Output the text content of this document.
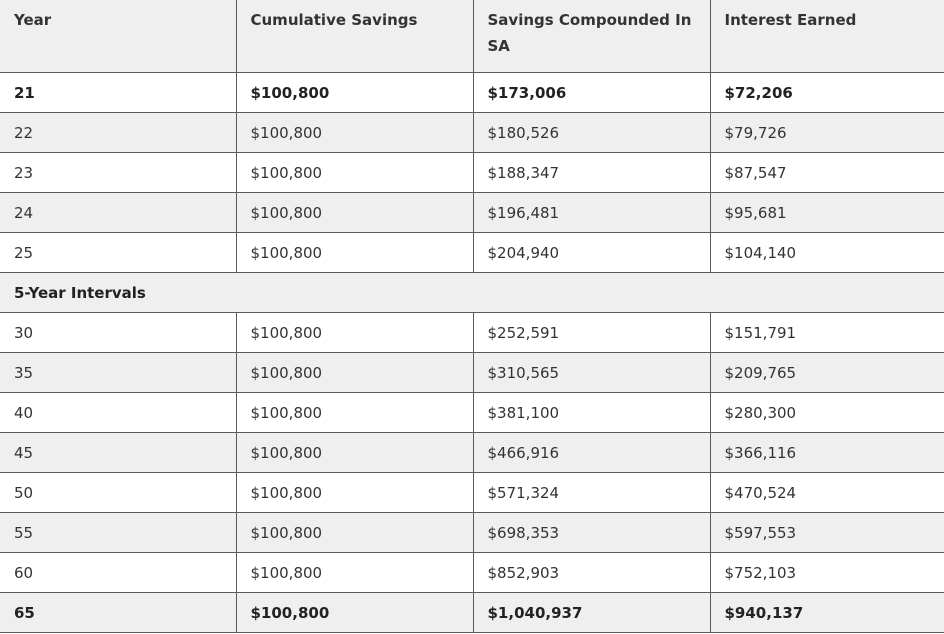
Year	Cumulative Savings	Savings Compounded In SA	Interest Earned
21	$100,800	$173,006	$72,206
22	$100,800	$180,526	$79,726
23	$100,800	$188,347	$87,547
24	$100,800	$196,481	$95,681
25	$100,800	$204,940	$104,140
5-Year Intervals			
30	$100,800	$252,591	$151,791
35	$100,800	$310,565	$209,765
40	$100,800	$381,100	$280,300
45	$100,800	$466,916	$366,116
50	$100,800	$571,324	$470,524
55	$100,800	$698,353	$597,553
60	$100,800	$852,903	$752,103
65	$100,800	$1,040,937	$940,137
